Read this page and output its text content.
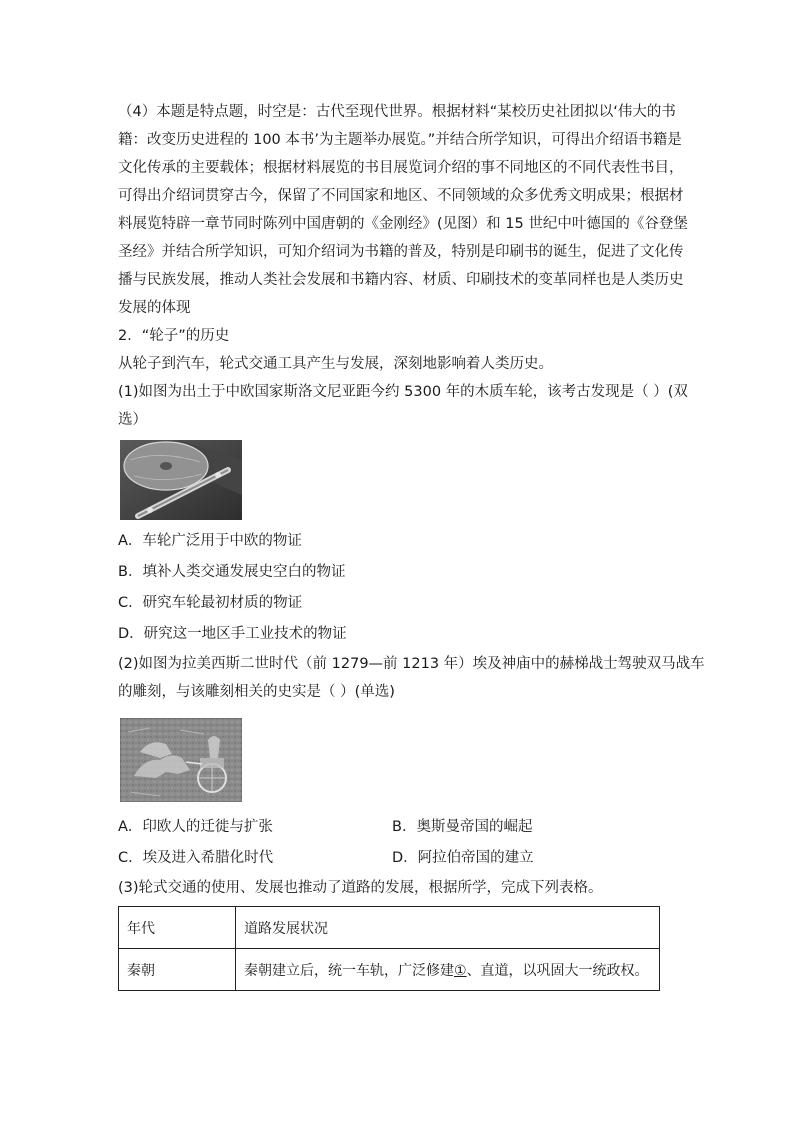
（4）本题是特点题，时空是：古代至现代世界。根据材料“某校历史社团拟以‘伟大的书

籍：改变历史进程的 100 本书’为主题举办展览。”并结合所学知识，可得出介绍语书籍是

文化传承的主要载体；根据材料展览的书目展览词介绍的事不同地区的不同代表性书目，

可得出介绍词贯穿古今，保留了不同国家和地区、不同领域的众多优秀文明成果；根据材

料展览特辟一章节同时陈列中国唐朝的《金刚经》(见图）和 15 世纪中叶德国的《谷登堡

圣经》并结合所学知识，可知介绍词为书籍的普及，特别是印刷书的诞生，促进了文化传

播与民族发展，推动人类社会发展和书籍内容、材质、印刷技术的变革同样也是人类历史

发展的体现

2．“轮子”的历史

从轮子到汽车，轮式交通工具产生与发展，深刻地影响着人类历史。

(1)如图为出土于中欧国家斯洛文尼亚距今约 5300 年的木质车轮，该考古发现是（ ）(双

选）

A．车轮广泛用于中欧的物证

B．填补人类交通发展史空白的物证

C．研究车轮最初材质的物证

D．研究这一地区手工业技术的物证

(2)如图为拉美西斯二世时代（前 1279—前 1213 年）埃及神庙中的赫梯战士驾驶双马战车

的雕刻，与该雕刻相关的史实是（ ）(单选)

A．印欧人的迁徙与扩张	B．奥斯曼帝国的崛起
C．埃及进入希腊化时代	D．阿拉伯帝国的建立

(3)轮式交通的使用、发展也推动了道路的发展，根据所学，完成下列表格。

年代	道路发展状况
秦朝	秦朝建立后，统一车轨，广泛修建①、直道，以巩固大一统政权。
